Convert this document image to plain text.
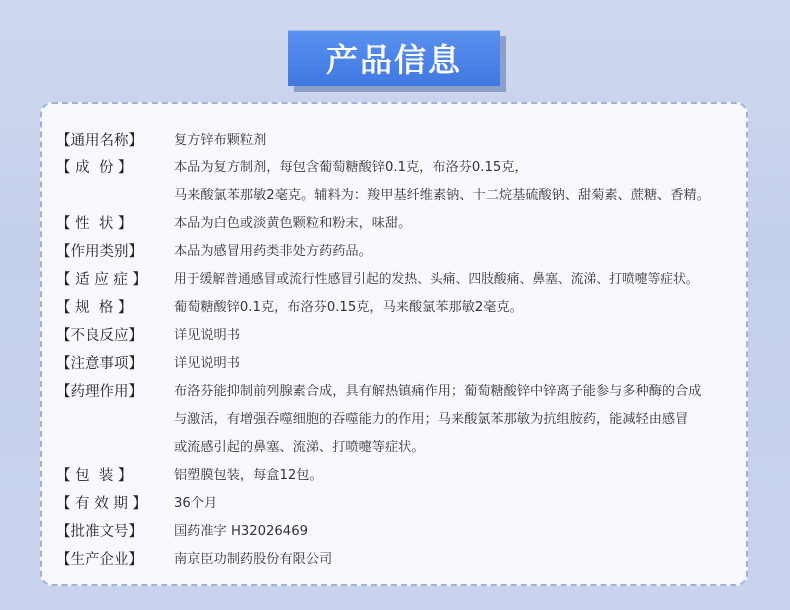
产品信息
【通用名称】	复方锌布颗粒剂
【 成  份 】	本品为复方制剂，每包含葡萄糖酸锌0.1克，布洛芬0.15克，
马来酸氯苯那敏2毫克。辅料为：羧甲基纤维素钠、十二烷基硫酸钠、甜菊素、蔗糖、香精。
【 性  状 】	本品为白色或淡黄色颗粒和粉末，味甜。
【作用类别】	本品为感冒用药类非处方药药品。
【 适 应 症 】	用于缓解普通感冒或流行性感冒引起的发热、头痛、四肢酸痛、鼻塞、流涕、打喷嚏等症状。
【 规  格 】	葡萄糖酸锌0.1克，布洛芬0.15克，马来酸氯苯那敏2毫克。
【不良反应】	详见说明书
【注意事项】	详见说明书
【药理作用】	布洛芬能抑制前列腺素合成，具有解热镇痛作用；葡萄糖酸锌中锌离子能参与多种酶的合成
与激活，有增强吞噬细胞的吞噬能力的作用；马来酸氯苯那敏为抗组胺药，能减轻由感冒
或流感引起的鼻塞、流涕、打喷嚏等症状。
【 包  装 】	铝塑膜包装，每盒12包。
【 有 效 期 】	36个月
【批准文号】	国药准字 H32026469
【生产企业】	南京臣功制药股份有限公司
